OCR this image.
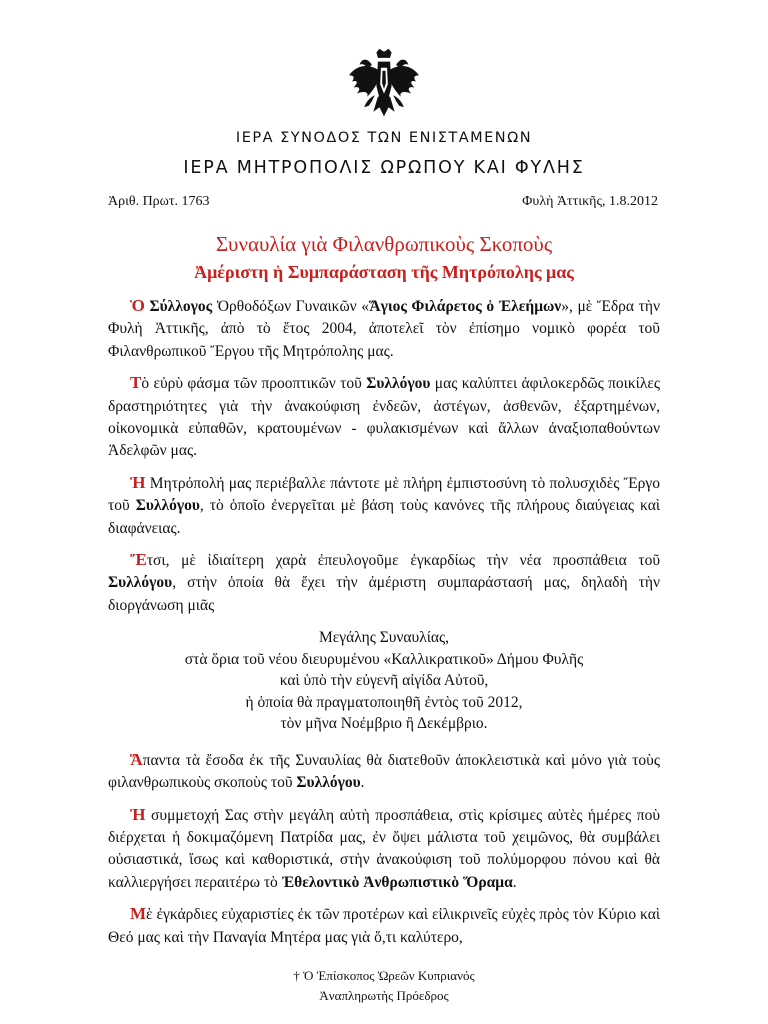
ΙΕΡΑ ΣΥΝΟΔΟΣ ΤΩΝ ΕΝΙΣΤΑΜΕΝΩΝ
ΙΕΡΑ ΜΗΤΡΟΠΟΛΙΣ ΩΡΩΠΟΥ ΚΑΙ ΦΥΛΗΣ
Ἀριθ. Πρωτ. 1763	Φυλὴ Ἀττικῆς, 1.8.2012
Συναυλία γιὰ Φιλανθρωπικοὺς Σκοποὺς
Ἀμέριστη ἡ Συμπαράσταση τῆς Μητρόπολης μας

Ὁ Σύλλογος Ὀρθοδόξων Γυναικῶν «Ἅγιος Φιλάρετος ὁ Ἐλεήμων», μὲ Ἕδρα τὴν Φυλὴ Ἀττικῆς, ἀπὸ τὸ ἔτος 2004, ἀποτελεῖ τὸν ἐπίσημο νομικὸ φορέα τοῦ Φιλανθρωπικοῦ Ἔργου τῆς Μητρόπολης μας.

Τὸ εὐρὺ φάσμα τῶν προοπτικῶν τοῦ Συλλόγου μας καλύπτει ἀφιλοκερδῶς ποικίλες δραστηριότητες γιὰ τὴν ἀνακούφιση ἐνδεῶν, ἀστέγων, ἀσθενῶν, ἐξαρτημένων, οἰκονομικὰ εὐπαθῶν, κρατουμένων - φυλακισμένων καὶ ἄλλων ἀναξιοπαθούντων Ἀδελφῶν μας.

Ἡ Μητρόπολή μας περιέβαλλε πάντοτε μὲ πλήρη ἐμπιστοσύνη τὸ πολυσχιδὲς Ἔργο τοῦ Συλλόγου, τὸ ὁποῖο ἐνεργεῖται μὲ βάση τοὺς κανόνες τῆς πλήρους διαύγειας καὶ διαφάνειας.

Ἔτσι, μὲ ἰδιαίτερη χαρὰ ἐπευλογοῦμε ἐγκαρδίως τὴν νέα προσπάθεια τοῦ Συλλόγου, στὴν ὁποία θὰ ἔχει τὴν ἀμέριστη συμπαράστασή μας, δηλαδὴ τὴν διοργάνωση μιᾶς

Μεγάλης Συναυλίας,
στὰ ὅρια τοῦ νέου διευρυμένου «Καλλικρατικοῦ» Δήμου Φυλῆς
καὶ ὑπὸ τὴν εὐγενῆ αἰγίδα Αὐτοῦ,
ἡ ὁποία θὰ πραγματοποιηθῆ ἐντὸς τοῦ 2012,
τὸν μῆνα Νοέμβριο ἢ Δεκέμβριο.

Ἅπαντα τὰ ἔσοδα ἐκ τῆς Συναυλίας θὰ διατεθοῦν ἀποκλειστικὰ καὶ μόνο γιὰ τοὺς φιλανθρωπικοὺς σκοποὺς τοῦ Συλλόγου.

Ἡ συμμετοχή Σας στὴν μεγάλη αὐτὴ προσπάθεια, στὶς κρίσιμες αὐτὲς ἡμέρες ποὺ διέρχεται ἡ δοκιμαζόμενη Πατρίδα μας, ἐν ὄψει μάλιστα τοῦ χειμῶνος, θὰ συμβάλει οὐσιαστικά, ἴσως καὶ καθοριστικά, στὴν ἀνακούφιση τοῦ πολύμορφου πόνου καὶ θὰ καλλιεργήσει περαιτέρω τὸ Ἐθελοντικὸ Ἀνθρωπιστικὸ Ὅραμα.

Μὲ ἐγκάρδιες εὐχαριστίες ἐκ τῶν προτέρων καὶ εἰλικρινεῖς εὐχὲς πρὸς τὸν Κύριο καὶ Θεό μας καὶ τὴν Παναγία Μητέρα μας γιὰ ὅ,τι καλύτερο,

† Ὁ Ἐπίσκοπος Ὠρεῶν Κυπριανός
Ἀναπληρωτὴς Πρόεδρος
